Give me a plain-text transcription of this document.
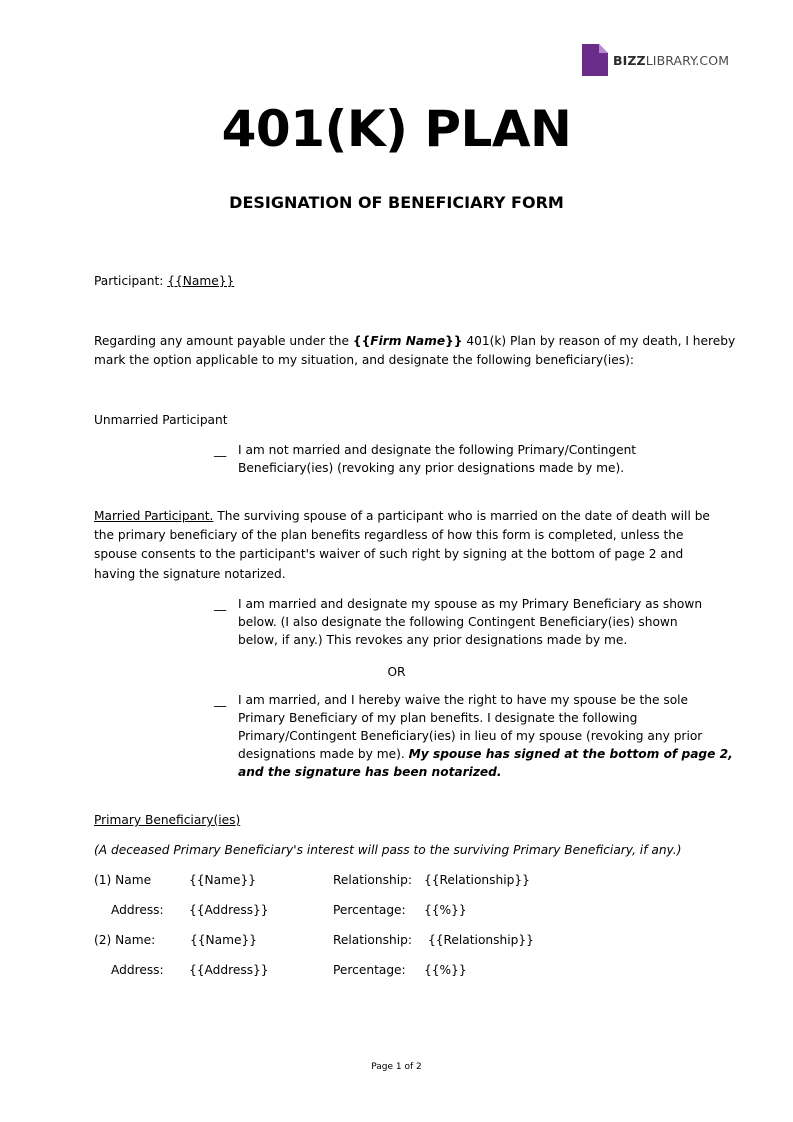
BIZZLIBRARY.COM
401(K) PLAN
DESIGNATION OF BENEFICIARY FORM
Participant: {{Name}}
Regarding any amount payable under the {{Firm Name}} 401(k) Plan by reason of my death, I hereby
mark the option applicable to my situation, and designate the following beneficiary(ies):
Unmarried Participant
__ I am not married and designate the following Primary/Contingent
Beneficiary(ies) (revoking any prior designations made by me).
Married Participant. The surviving spouse of a participant who is married on the date of death will be
the primary beneficiary of the plan benefits regardless of how this form is completed, unless the
spouse consents to the participant's waiver of such right by signing at the bottom of page 2 and
having the signature notarized.
__ I am married and designate my spouse as my Primary Beneficiary as shown
below. (I also designate the following Contingent Beneficiary(ies) shown
below, if any.) This revokes any prior designations made by me.
OR
__ I am married, and I hereby waive the right to have my spouse be the sole
Primary Beneficiary of my plan benefits. I designate the following
Primary/Contingent Beneficiary(ies) in lieu of my spouse (revoking any prior
designations made by me). My spouse has signed at the bottom of page 2,
and the signature has been notarized.
Primary Beneficiary(ies)
(A deceased Primary Beneficiary's interest will pass to the surviving Primary Beneficiary, if any.)
(1) Name	{{Name}}	Relationship: {{Relationship}}
Address: {{Address}}	Percentage: {{%}}
(2) Name:	{{Name}}	Relationship: {{Relationship}}
Address: {{Address}}	Percentage: {{%}}
Page 1 of 2
